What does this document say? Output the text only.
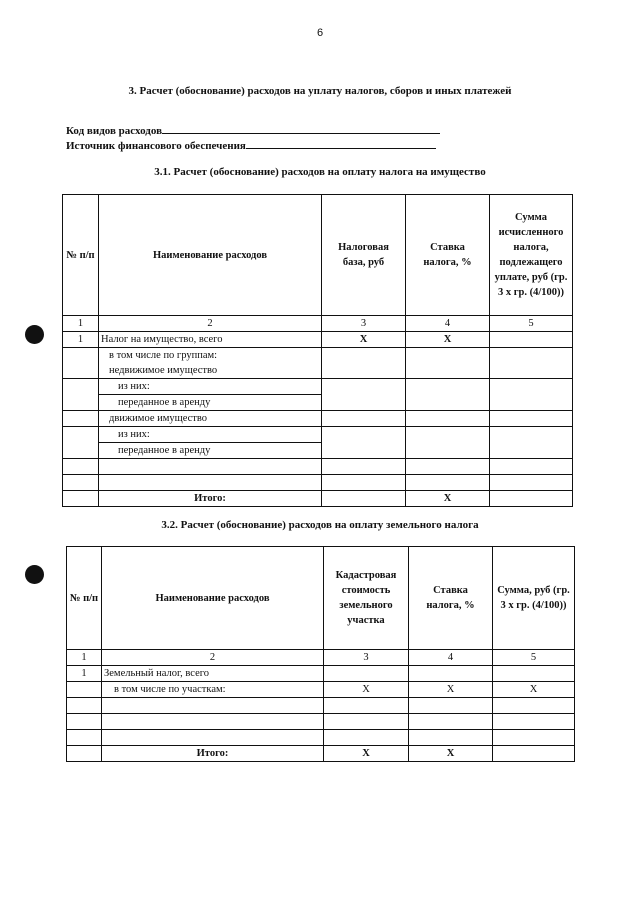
6
3. Расчет (обоснование) расходов на уплату налогов, сборов и иных платежей
Код видов расходов
Источник финансового обеспечения
3.1. Расчет (обоснование) расходов на оплату налога на имущество
№ п/п	Наименование расходов	Налоговая база, руб	Ставка налога, %	Сумма исчисленного налога, подлежащего уплате, руб (гр. 3 x гр. (4/100))
1	2	3	4	5
1	Налог на имущество, всего	X	X	
	в том числе по группам:			
	недвижимое имущество			
	из них:			
	переданное в аренду			
	движимое имущество			
	из них:			
	переданное в аренду			

	Итого:		X	
3.2. Расчет (обоснование) расходов на оплату земельного налога
№ п/п	Наименование расходов	Кадастровая стоимость земельного участка	Ставка налога, %	Сумма, руб (гр. 3 x гр. (4/100))
1	2	3	4	5
1	Земельный налог, всего			
	в том числе по участкам:	X	X	X

	Итого:	X	X	
